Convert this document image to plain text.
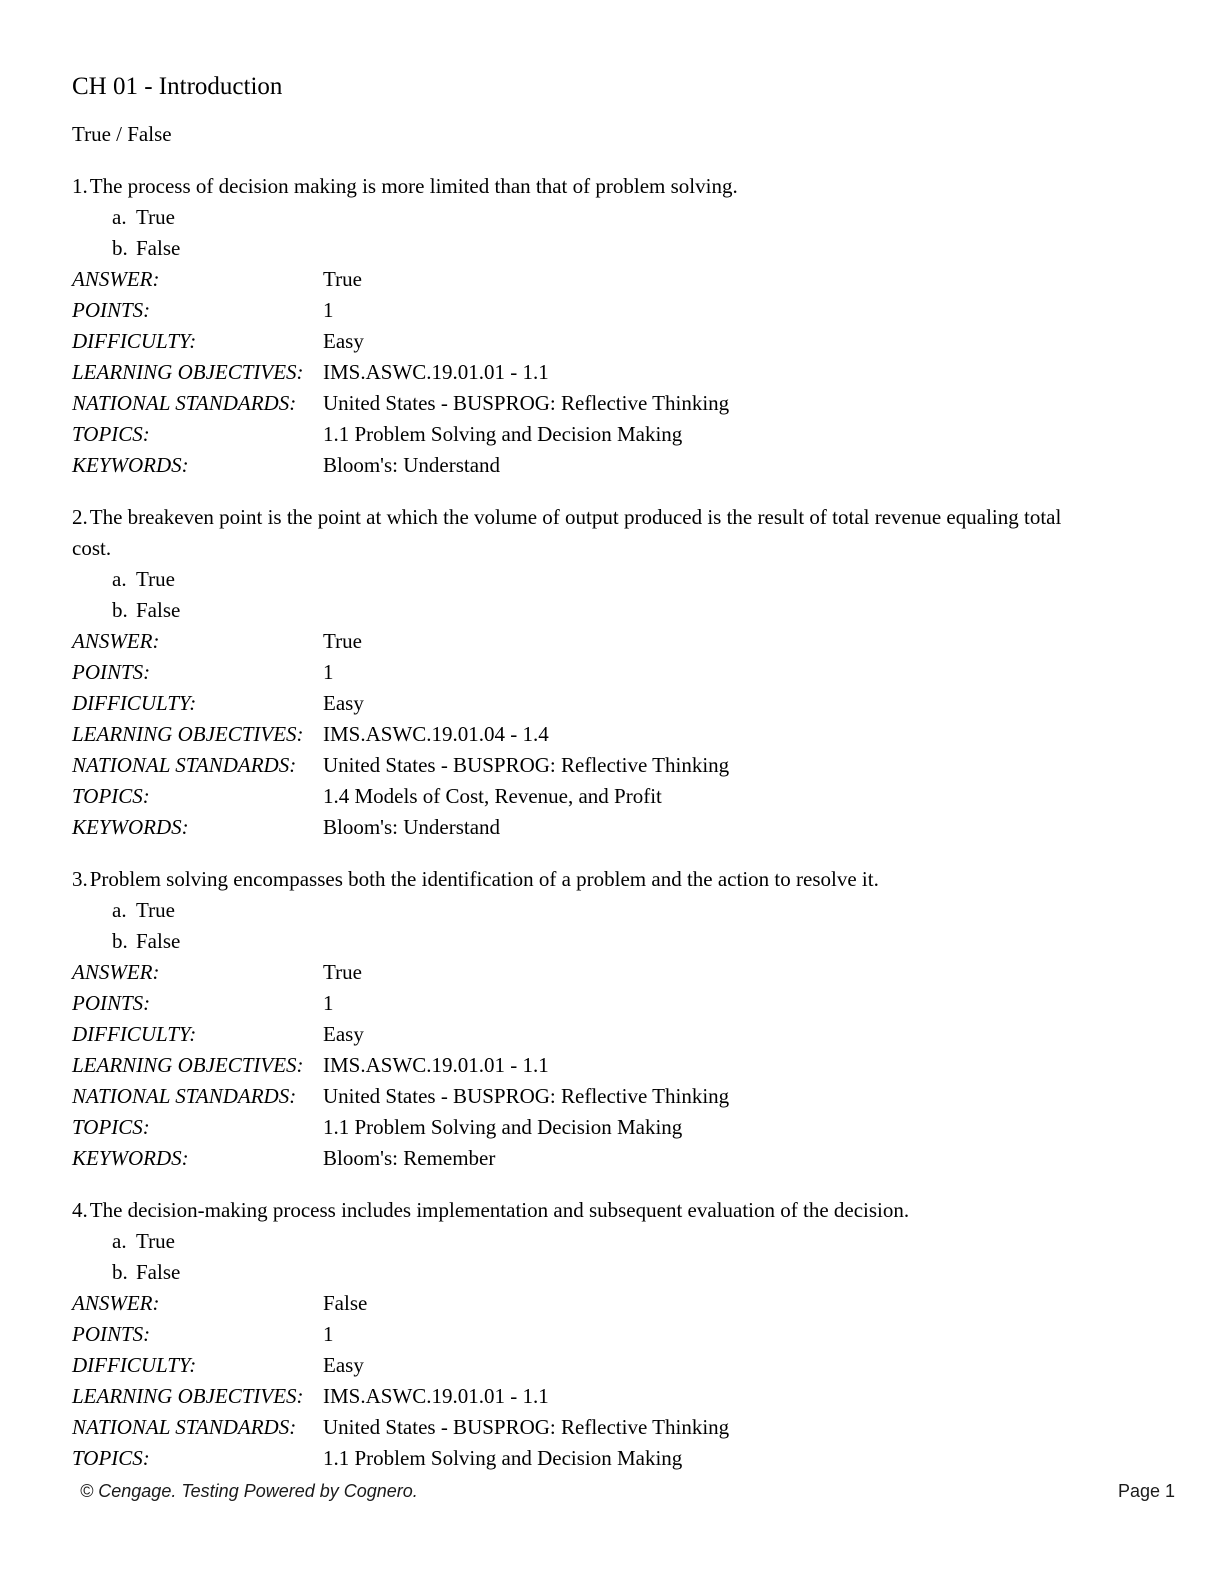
CH 01 - Introduction
True / False

1.The process of decision making is more limited than that of problem solving.

a. True
b. False
ANSWER:	True
POINTS:	1
DIFFICULTY:	Easy
LEARNING OBJECTIVES: IMS.ASWC.19.01.01 - 1.1
NATIONAL STANDARDS:	United States - BUSPROG: Reflective Thinking
TOPICS:	1.1 Problem Solving and Decision Making
KEYWORDS:	Bloom's: Understand

2.The breakeven point is the point at which the volume of output produced is the result of total revenue equaling total cost.

a. True
b. False
ANSWER:	True
POINTS:	1
DIFFICULTY:	Easy
LEARNING OBJECTIVES: IMS.ASWC.19.01.04 - 1.4
NATIONAL STANDARDS:	United States - BUSPROG: Reflective Thinking
TOPICS:	1.4 Models of Cost, Revenue, and Profit
KEYWORDS:	Bloom's: Understand

3.Problem solving encompasses both the identification of a problem and the action to resolve it.

a. True
b. False
ANSWER:	True
POINTS:	1
DIFFICULTY:	Easy
LEARNING OBJECTIVES: IMS.ASWC.19.01.01 - 1.1
NATIONAL STANDARDS:	United States - BUSPROG: Reflective Thinking
TOPICS:	1.1 Problem Solving and Decision Making
KEYWORDS:	Bloom's: Remember

4.The decision-making process includes implementation and subsequent evaluation of the decision.

a. True
b. False
ANSWER:	False
POINTS:	1
DIFFICULTY:	Easy
LEARNING OBJECTIVES: IMS.ASWC.19.01.01 - 1.1
NATIONAL STANDARDS:	United States - BUSPROG: Reflective Thinking
TOPICS:	1.1 Problem Solving and Decision Making
© Cengage. Testing Powered by Cognero.	Page 1
